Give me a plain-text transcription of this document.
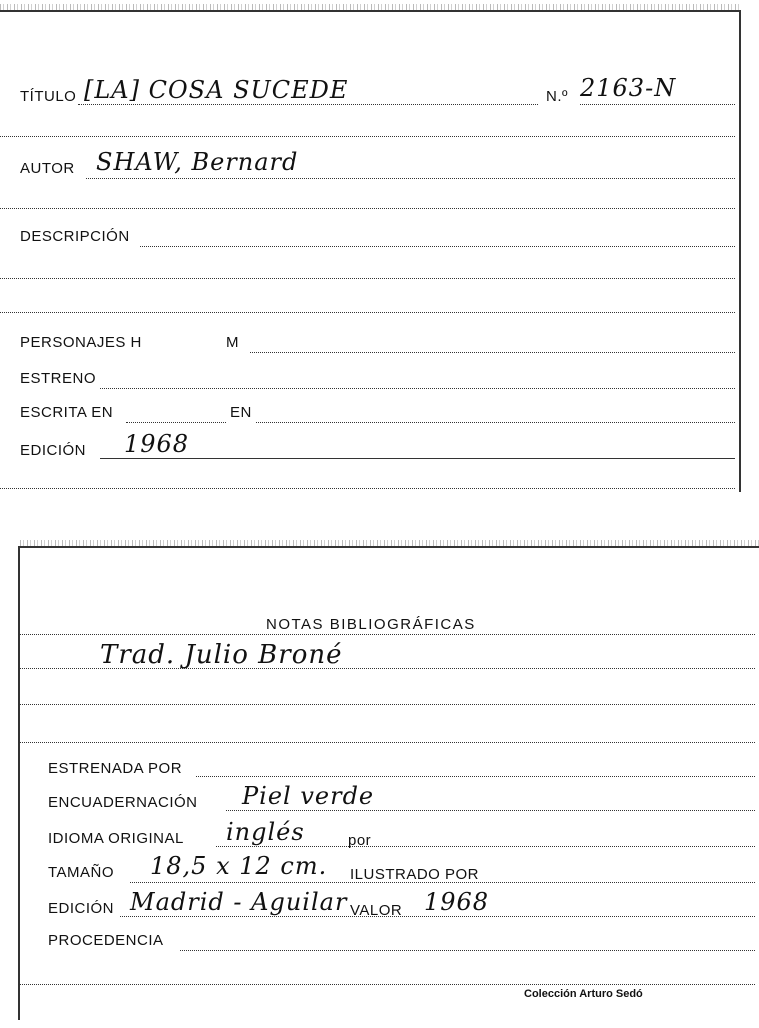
TÍTULO [LA] COSA SUCEDE	N.º 2163-N
AUTOR SHAW, Bernard
DESCRIPCIÓN
PERSONAJES H	M
ESTRENO
ESCRITA EN	EN
EDICIÓN 1968
NOTAS BIBLIOGRÁFICAS
Trad. Julio Broné
ESTRENADA POR
ENCUADERNACIÓN Piel verde
IDIOMA ORIGINAL inglés	por
TAMAÑO 18,5 x 12 cm. ILUSTRADO POR
EDICIÓN Madrid - Aguilar VALOR 1968
PROCEDENCIA
Colección Arturo Sedó
